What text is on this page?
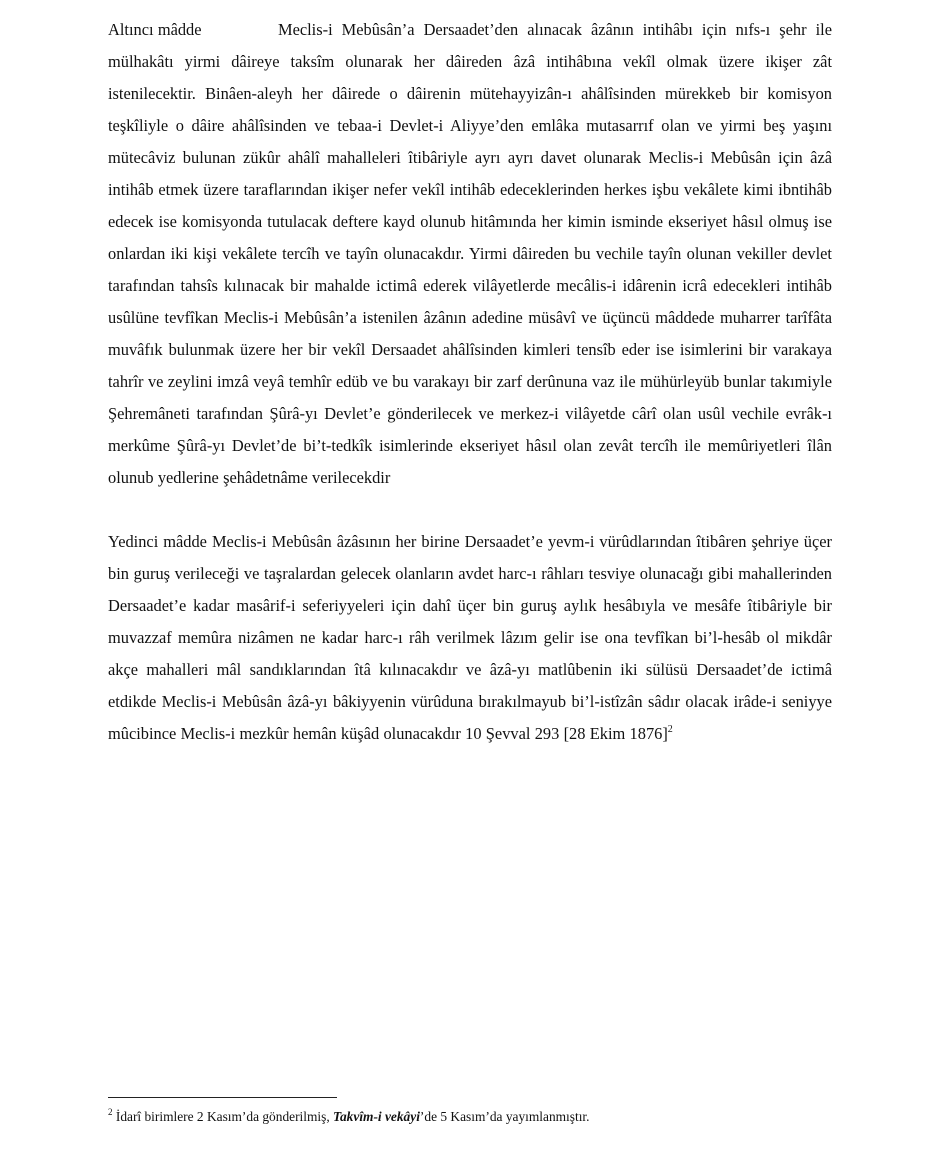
Altıncı mâdde	Meclis-i Mebûsân’a Dersaadet’den alınacak âzânın intihâbı için nıfs-ı şehr ile mülhakâtı yirmi dâireye taksîm olunarak her dâireden âzâ intihâbına vekîl olmak üzere ikişer zât istenilecektir. Binâen-aleyh her dâirede o dâirenin mütehayyizân-ı ahâlîsinden mürekkeb bir komisyon teşkîliyle o dâire ahâlîsinden ve tebaa-i Devlet-i Aliyye’den emlâka mutasarrıf olan ve yirmi beş yaşını mütecâviz bulunan zükûr ahâlî mahalleleri îtibâriyle ayrı ayrı davet olunarak Meclis-i Mebûsân için âzâ intihâb etmek üzere taraflarından ikişer nefer vekîl intihâb edeceklerinden herkes işbu vekâlete kimi ibntihâb edecek ise komisyonda tutulacak deftere kayd olunub hitâmında her kimin isminde ekseriyet hâsıl olmuş ise onlardan iki kişi vekâlete tercîh ve tayîn olunacakdır. Yirmi dâireden bu vechile tayîn olunan vekiller devlet tarafından tahsîs kılınacak bir mahalde ictimâ ederek vilâyetlerde mecâlis-i idârenin icrâ edecekleri intihâb usûlüne tevfîkan Meclis-i Mebûsân’a istenilen âzânın adedine müsâvî ve üçüncü mâddede muharrer tarîfâta muvâfık bulunmak üzere her bir vekîl Dersaadet ahâlîsinden kimleri tensîb eder ise isimlerini bir varakaya tahrîr ve zeylini imzâ veyâ temhîr edüb ve bu varakayı bir zarf derûnuna vaz ile mühürleyüb bunlar takımiyle Şehremâneti tarafından Şûrâ-yı Devlet’e gönderilecek ve merkez-i vilâyetde cârî olan usûl vechile evrâk-ı merkûme Şûrâ-yı Devlet’de bi’t-tedkîk isimlerinde ekseriyet hâsıl olan zevât tercîh ile memûriyetleri îlân olunub yedlerine şehâdetnâme verilecekdir

Yedinci mâdde Meclis-i Mebûsân âzâsının her birine Dersaadet’e yevm-i vürûdlarından îtibâren şehriye üçer bin guruş verileceği ve taşralardan gelecek olanların avdet harc-ı râhları tesviye olunacağı gibi mahallerinden Dersaadet’e kadar masârif-i seferiyyeleri için dahî üçer bin guruş aylık hesâbıyla ve mesâfe îtibâriyle bir muvazzaf memûra nizâmen ne kadar harc-ı râh verilmek lâzım gelir ise ona tevfîkan bi’l-hesâb ol mikdâr akçe mahalleri mâl sandıklarından îtâ kılınacakdır ve âzâ-yı matlûbenin iki sülüsü Dersaadet’de ictimâ etdikde Meclis-i Mebûsân âzâ-yı bâkiyyenin vürûduna bırakılmayub bi’l-istîzân sâdır olacak irâde-i seniyye mûcibince Meclis-i mezkûr hemân küşâd olunacakdır 10 Şevval 293 [28 Ekim 1876]$^2$

$^2$ İdarî birimlere 2 Kasım’da gönderilmiş, Takvîm-i vekâyi’de 5 Kasım’da yayımlanmıştır.
